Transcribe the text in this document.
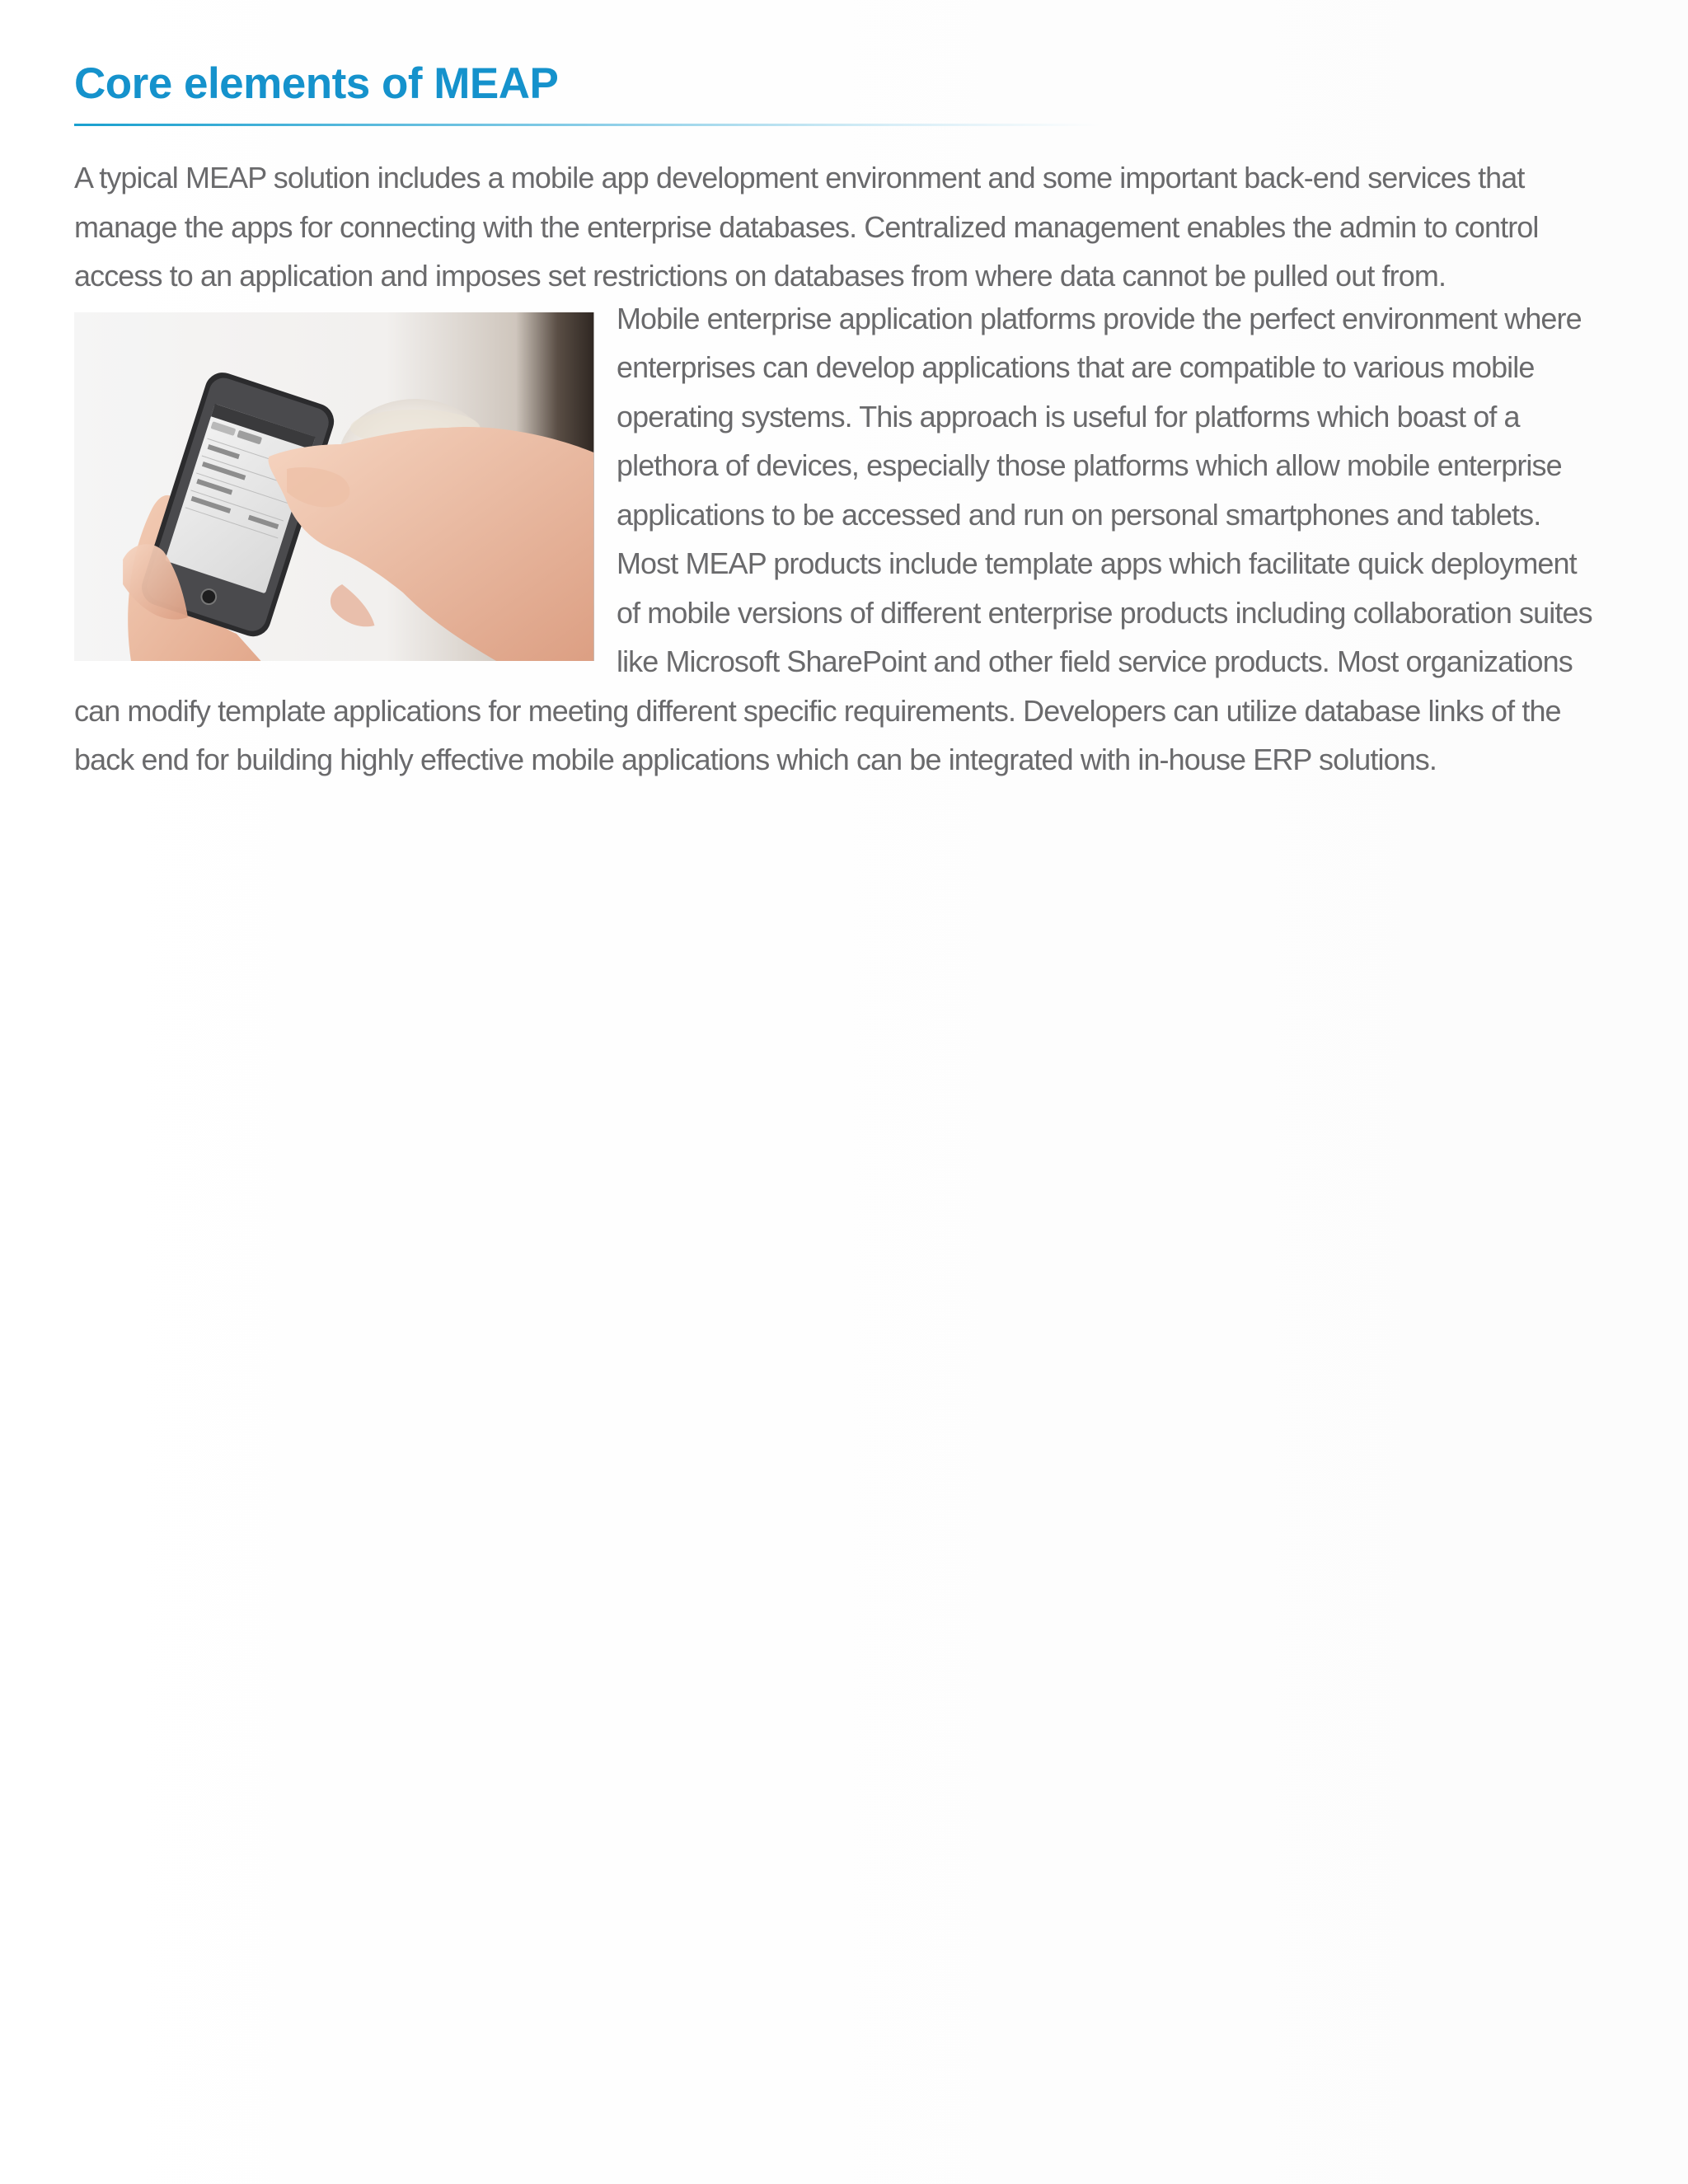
Core elements of MEAP

A typical MEAP solution includes a mobile app development environment and some important back-end services that manage the apps for connecting with the enterprise databases. Centralized management enables the admin to control access to an application and imposes set restrictions on databases from where data cannot be pulled out from.

Mobile enterprise application platforms provide the perfect environment where enterprises can develop applications that are compatible to various mobile operating systems. This approach is useful for platforms which boast of a plethora of devices, especially those platforms which allow mobile enterprise applications to be accessed and run on personal smartphones and tablets. Most MEAP products include template apps which facilitate quick deployment of mobile versions of different enterprise products including collaboration suites like Microsoft SharePoint and other field service products. Most organizations can modify template applications for meeting different specific requirements. Developers can utilize database links of the back end for building highly effective mobile applications which can be integrated with in-house ERP solutions.
